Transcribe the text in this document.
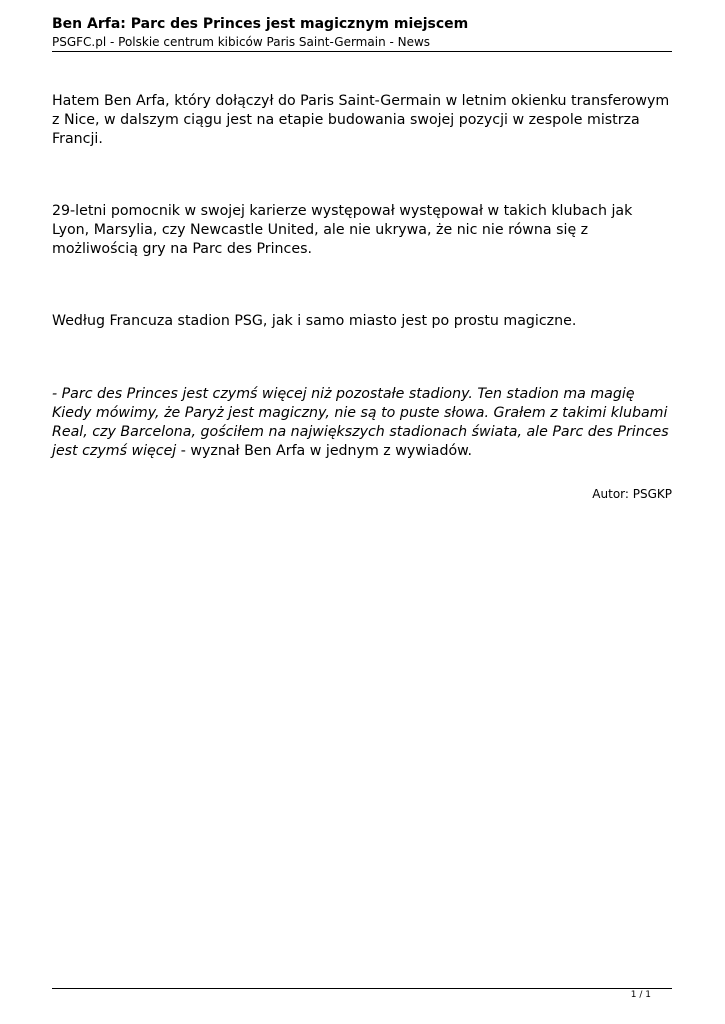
Ben Arfa: Parc des Princes jest magicznym miejscem

PSGFC.pl - Polskie centrum kibiców Paris Saint-Germain - News

Hatem Ben Arfa, który dołączył do Paris Saint-Germain w letnim okienku transferowym z Nice, w dalszym ciągu jest na etapie budowania swojej pozycji w zespole mistrza Francji.

29-letni pomocnik w swojej karierze występował występował w takich klubach jak Lyon, Marsylia, czy Newcastle United, ale nie ukrywa, że nic nie równa się z możliwością gry na Parc des Princes.

Według Francuza stadion PSG, jak i samo miasto jest po prostu magiczne.

- Parc des Princes jest czymś więcej niż pozostałe stadiony. Ten stadion ma magię Kiedy mówimy, że Paryż jest magiczny, nie są to puste słowa. Grałem z takimi klubami Real, czy Barcelona, gościłem na największych stadionach świata, ale Parc des Princes jest czymś więcej - wyznał Ben Arfa w jednym z wywiadów.

Autor: PSGKP
1 / 1
